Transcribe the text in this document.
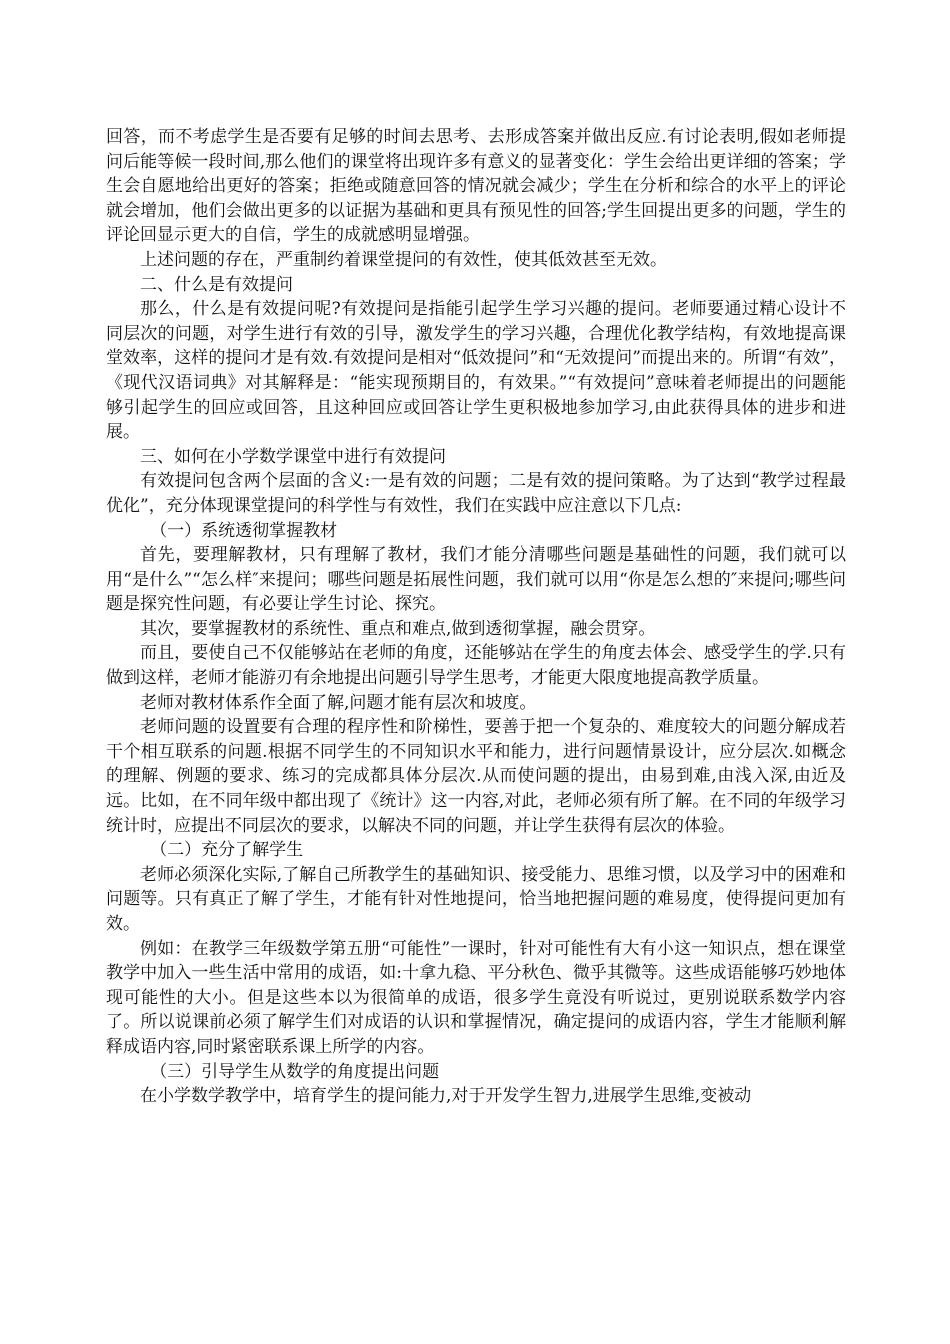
回答，而不考虑学生是否要有足够的时间去思考、去形成答案并做出反应.有讨论表明,假如老师提问后能等候一段时间,那么他们的课堂将出现许多有意义的显著变化：学生会给出更详细的答案；学生会自愿地给出更好的答案；拒绝或随意回答的情况就会减少；学生在分析和综合的水平上的评论就会增加，他们会做出更多的以证据为基础和更具有预见性的回答;学生回提出更多的问题，学生的评论回显示更大的自信，学生的成就感明显增强。

上述问题的存在，严重制约着课堂提问的有效性，使其低效甚至无效。

二、什么是有效提问

那么，什么是有效提问呢?有效提问是指能引起学生学习兴趣的提问。老师要通过精心设计不同层次的问题，对学生进行有效的引导，激发学生的学习兴趣，合理优化教学结构，有效地提高课堂效率，这样的提问才是有效.有效提问是相对“低效提问”和“无效提问”而提出来的。所谓“有效”，《现代汉语词典》对其解释是：“能实现预期目的，有效果。”“有效提问”意味着老师提出的问题能够引起学生的回应或回答，且这种回应或回答让学生更积极地参加学习,由此获得具体的进步和进展。

三、如何在小学数学课堂中进行有效提问

有效提问包含两个层面的含义:一是有效的问题；二是有效的提问策略。为了达到“教学过程最优化”，充分体现课堂提问的科学性与有效性，我们在实践中应注意以下几点:

（一）系统透彻掌握教材

首先，要理解教材，只有理解了教材，我们才能分清哪些问题是基础性的问题，我们就可以用“是什么”“怎么样″来提问；哪些问题是拓展性问题，我们就可以用“你是怎么想的″来提问;哪些问题是探究性问题，有必要让学生讨论、探究。

其次，要掌握教材的系统性、重点和难点,做到透彻掌握，融会贯穿。

而且，要使自己不仅能够站在老师的角度，还能够站在学生的角度去体会、感受学生的学.只有做到这样，老师才能游刃有余地提出问题引导学生思考，才能更大限度地提高教学质量。

老师对教材体系作全面了解,问题才能有层次和坡度。

老师问题的设置要有合理的程序性和阶梯性，要善于把一个复杂的、难度较大的问题分解成若干个相互联系的问题.根据不同学生的不同知识水平和能力，进行问题情景设计，应分层次.如概念的理解、例题的要求、练习的完成都具体分层次.从而使问题的提出，由易到难,由浅入深,由近及远。比如，在不同年级中都出现了《统计》这一内容,对此，老师必须有所了解。在不同的年级学习统计时，应提出不同层次的要求，以解决不同的问题，并让学生获得有层次的体验。

（二）充分了解学生

老师必须深化实际,了解自己所教学生的基础知识、接受能力、思维习惯，以及学习中的困难和问题等。只有真正了解了学生，才能有针对性地提问，恰当地把握问题的难易度，使得提问更加有效。

例如：在教学三年级数学第五册“可能性”一课时，针对可能性有大有小这一知识点，想在课堂教学中加入一些生活中常用的成语，如:十拿九稳、平分秋色、微乎其微等。这些成语能够巧妙地体现可能性的大小。但是这些本以为很简单的成语，很多学生竟没有听说过，更别说联系数学内容了。所以说课前必须了解学生们对成语的认识和掌握情况，确定提问的成语内容，学生才能顺利解释成语内容,同时紧密联系课上所学的内容。

（三）引导学生从数学的角度提出问题

在小学数学教学中，培育学生的提问能力,对于开发学生智力,进展学生思维,变被动
